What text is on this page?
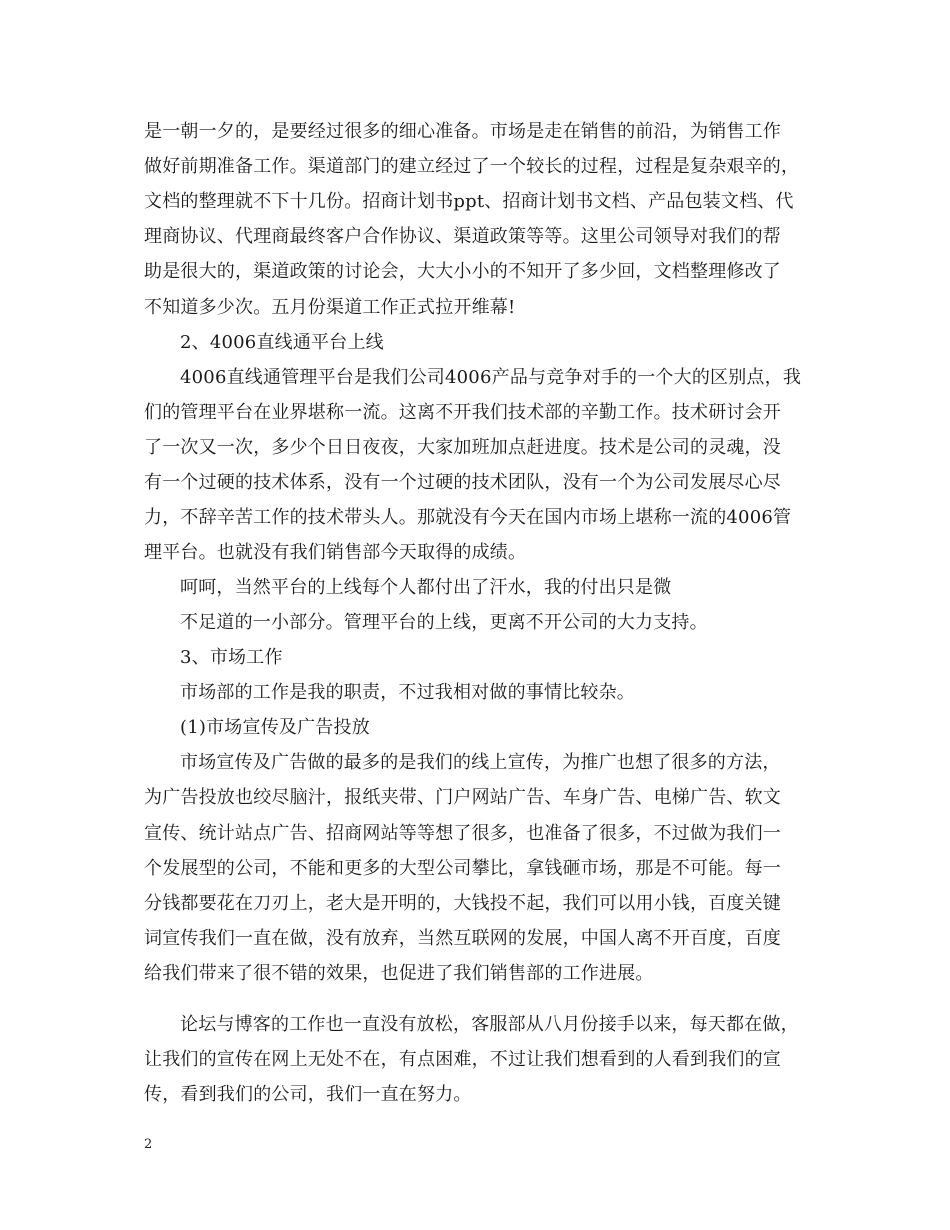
是一朝一夕的，是要经过很多的细心准备。市场是走在销售的前沿，为销售工作
做好前期准备工作。渠道部门的建立经过了一个较长的过程，过程是复杂艰辛的，
文档的整理就不下十几份。招商计划书ppt、招商计划书文档、产品包装文档、代
理商协议、代理商最终客户合作协议、渠道政策等等。这里公司领导对我们的帮
助是很大的，渠道政策的讨论会，大大小小的不知开了多少回，文档整理修改了
不知道多少次。五月份渠道工作正式拉开维幕!
2、4006直线通平台上线
4006直线通管理平台是我们公司4006产品与竞争对手的一个大的区别点，我
们的管理平台在业界堪称一流。这离不开我们技术部的辛勤工作。技术研讨会开
了一次又一次，多少个日日夜夜，大家加班加点赶进度。技术是公司的灵魂，没
有一个过硬的技术体系，没有一个过硬的技术团队，没有一个为公司发展尽心尽
力，不辞辛苦工作的技术带头人。那就没有今天在国内市场上堪称一流的4006管
理平台。也就没有我们销售部今天取得的成绩。
呵呵，当然平台的上线每个人都付出了汗水，我的付出只是微
不足道的一小部分。管理平台的上线，更离不开公司的大力支持。
3、市场工作
市场部的工作是我的职责，不过我相对做的事情比较杂。
(1)市场宣传及广告投放
市场宣传及广告做的最多的是我们的线上宣传，为推广也想了很多的方法，
为广告投放也绞尽脑汁，报纸夹带、门户网站广告、车身广告、电梯广告、软文
宣传、统计站点广告、招商网站等等想了很多，也准备了很多，不过做为我们一
个发展型的公司，不能和更多的大型公司攀比，拿钱砸市场，那是不可能。每一
分钱都要花在刀刃上，老大是开明的，大钱投不起，我们可以用小钱，百度关键
词宣传我们一直在做，没有放弃，当然互联网的发展，中国人离不开百度，百度
给我们带来了很不错的效果，也促进了我们销售部的工作进展。
论坛与博客的工作也一直没有放松，客服部从八月份接手以来，每天都在做，
让我们的宣传在网上无处不在，有点困难，不过让我们想看到的人看到我们的宣
传，看到我们的公司，我们一直在努力。
2
